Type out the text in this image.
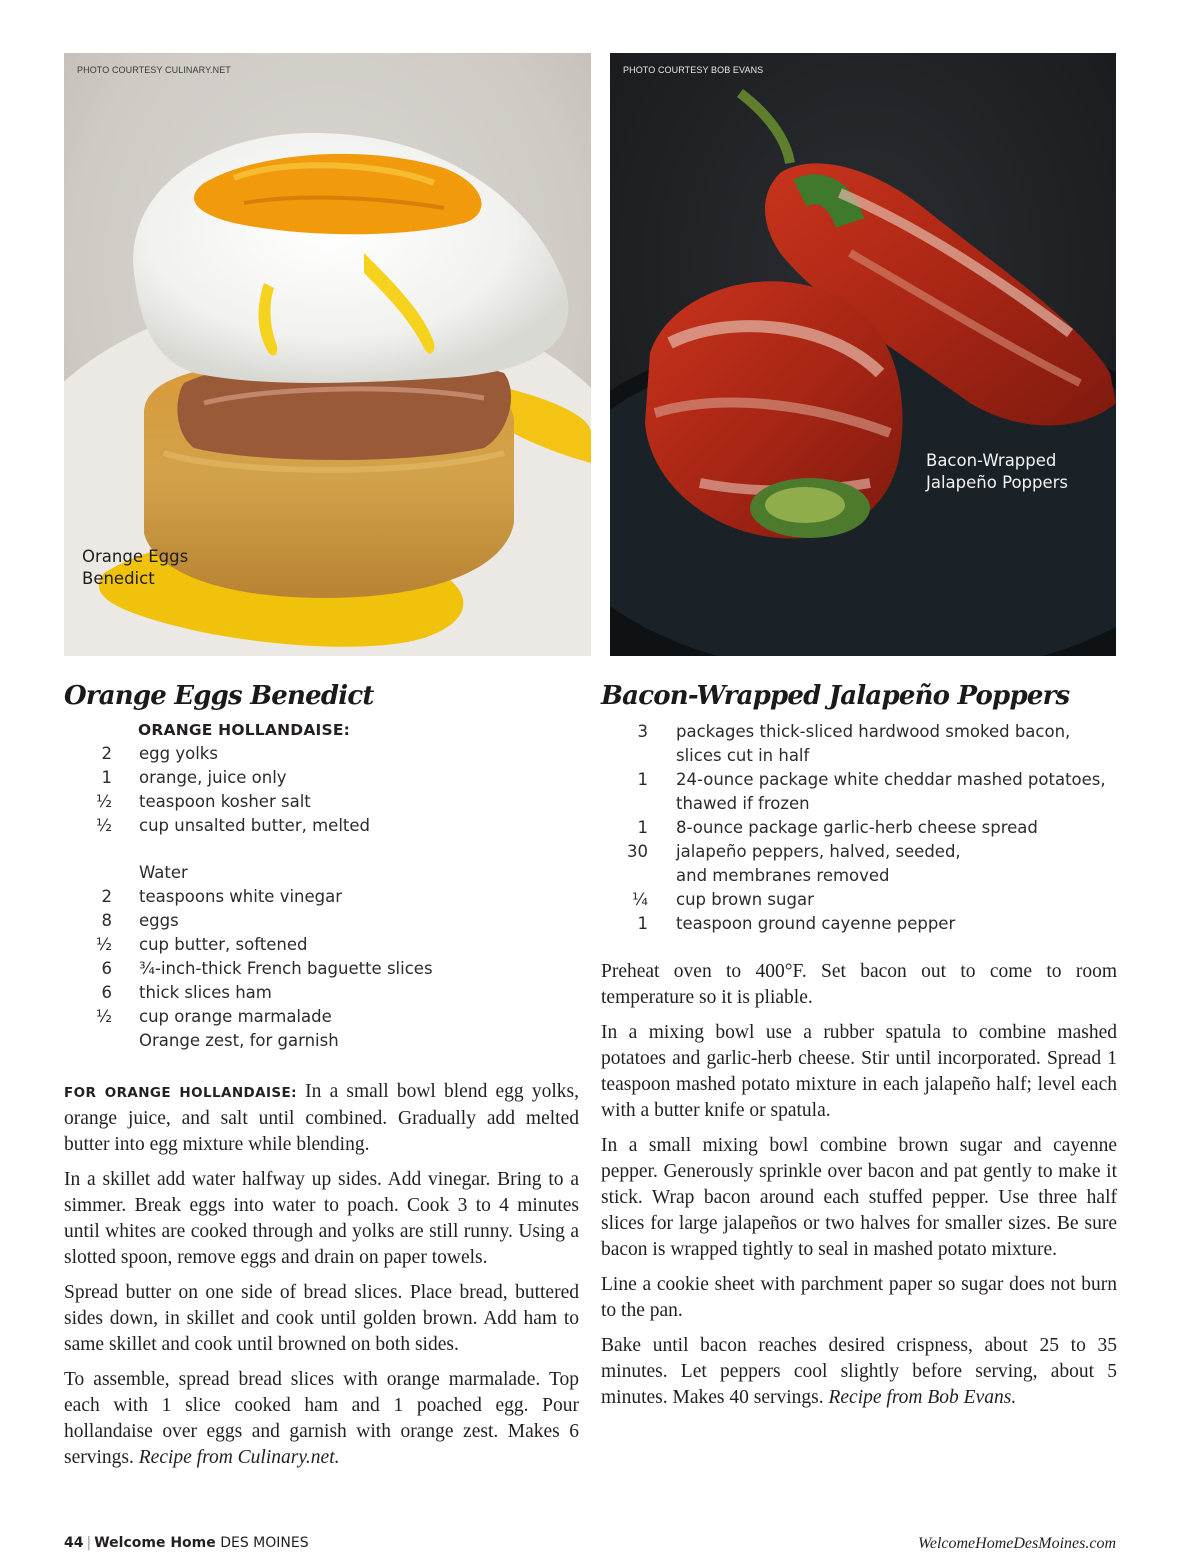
PHOTO COURTESY CULINARY.NET
Orange Eggs
Benedict
PHOTO COURTESY BOB EVANS
Bacon-Wrapped
Jalapeño Poppers
Orange Eggs Benedict
ORANGE HOLLANDAISE:
2 egg yolks
1 orange, juice only
½ teaspoon kosher salt
½ cup unsalted butter, melted
Water
2 teaspoons white vinegar
8 eggs
½ cup butter, softened
6 ¾-inch-thick French baguette slices
6 thick slices ham
½ cup orange marmalade
Orange zest, for garnish

FOR ORANGE HOLLANDAISE: In a small bowl blend egg yolks, orange juice, and salt until combined. Gradually add melted butter into egg mixture while blending.

In a skillet add water halfway up sides. Add vinegar. Bring to a simmer. Break eggs into water to poach. Cook 3 to 4 minutes until whites are cooked through and yolks are still runny. Using a slotted spoon, remove eggs and drain on paper towels.

Spread butter on one side of bread slices. Place bread, buttered sides down, in skillet and cook until golden brown. Add ham to same skillet and cook until browned on both sides.

To assemble, spread bread slices with orange marmalade. Top each with 1 slice cooked ham and 1 poached egg. Pour hollandaise over eggs and garnish with orange zest. Makes 6 servings. Recipe from Culinary.net.

Bacon-Wrapped Jalapeño Poppers
3 packages thick-sliced hardwood smoked bacon,
slices cut in half
1 24-ounce package white cheddar mashed potatoes,
thawed if frozen
1 8-ounce package garlic-herb cheese spread
30 jalapeño peppers, halved, seeded,
and membranes removed
¼ cup brown sugar
1 teaspoon ground cayenne pepper

Preheat oven to 400°F. Set bacon out to come to room temperature so it is pliable.

In a mixing bowl use a rubber spatula to combine mashed potatoes and garlic-herb cheese. Stir until incorporated. Spread 1 teaspoon mashed potato mixture in each jalapeño half; level each with a butter knife or spatula.

In a small mixing bowl combine brown sugar and cayenne pepper. Generously sprinkle over bacon and pat gently to make it stick. Wrap bacon around each stuffed pepper. Use three half slices for large jalapeños or two halves for smaller sizes. Be sure bacon is wrapped tightly to seal in mashed potato mixture.

Line a cookie sheet with parchment paper so sugar does not burn to the pan.

Bake until bacon reaches desired crispness, about 25 to 35 minutes. Let peppers cool slightly before serving, about 5 minutes. Makes 40 servings. Recipe from Bob Evans.

44 | Welcome Home DES MOINES	WelcomeHomeDesMoines.com
